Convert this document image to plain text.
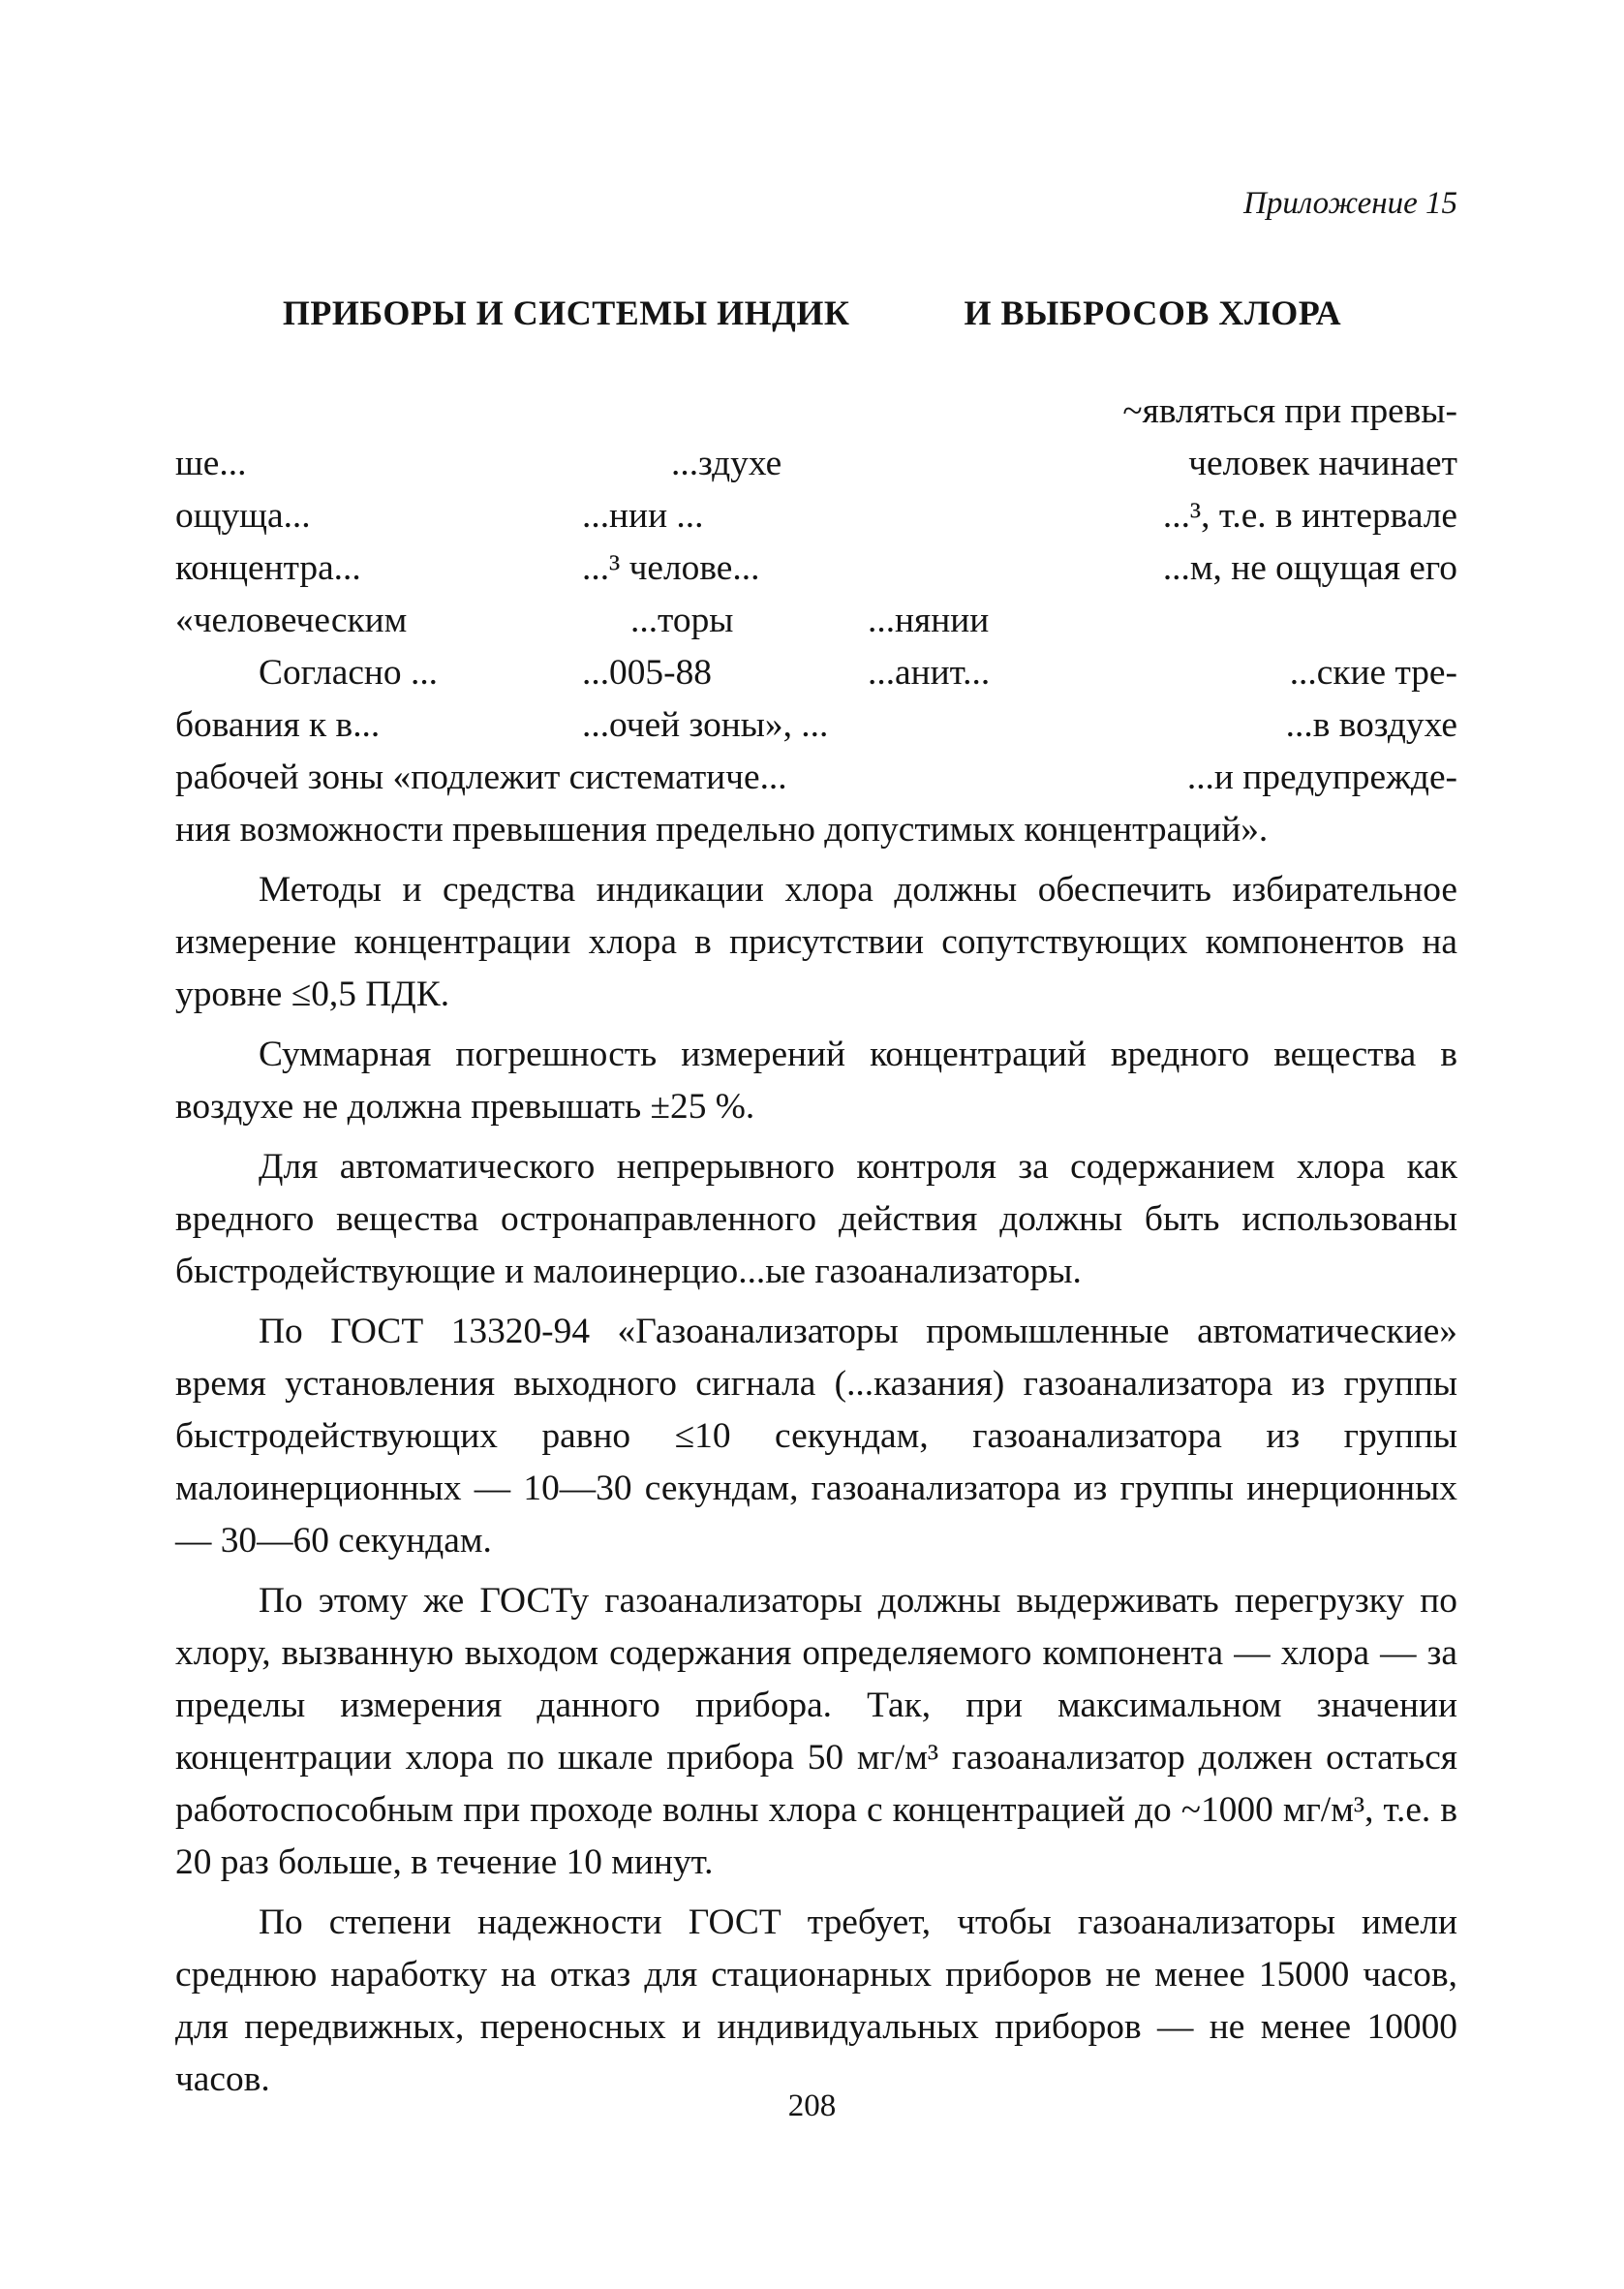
Приложение 15
ПРИБОРЫ И СИСТЕМЫ ИНДИК	И ВЫБРОСОВ ХЛОРА
~являться при превы-
ше...	...здухе	человек начинает
ощуща...	...нии ...	...³, т.е. в интервале
концентра...	...³ челове...	...м, не ощущая его
«человеческим	...торы	...нянии
Согласно ...	...005-88	...анит...	...ские тре-
бования к в...	...очей зоны», ...	...в воздухе
рабочей зоны «подлежит систематиче...	...и предупрежде-

ния возможности превышения предельно допустимых концентраций».

Методы и средства индикации хлора должны обеспечить избирательное измерение концентрации хлора в присутствии сопутствующих компонентов на уровне ≤0,5 ПДК.

Суммарная погрешность измерений концентраций вредного вещества в воздухе не должна превышать ±25 %.

Для автоматического непрерывного контроля за содержанием хлора как вредного вещества остронаправленного действия должны быть использованы быстродействующие и малоинерцио...ые газоанализаторы.

По ГОСТ 13320-94 «Газоанализаторы промышленные автоматические» время установления выходного сигнала (...казания) газоанализатора из группы быстродействующих равно ≤10 секундам, газоанализатора из группы малоинерционных — 10—30 секундам, газоанализатора из группы инерционных — 30—60 секундам.

По этому же ГОСТу газоанализаторы должны выдерживать перегрузку по хлору, вызванную выходом содержания определяемого компонента — хлора — за пределы измерения данного прибора. Так, при максимальном значении концентрации хлора по шкале прибора 50 мг/м³ газоанализатор должен остаться работоспособным при проходе волны хлора с концентрацией до ~1000 мг/м³, т.е. в 20 раз больше, в течение 10 минут.

По степени надежности ГОСТ требует, чтобы газоанализаторы имели среднюю наработку на отказ для стационарных приборов не менее 15000 часов, для передвижных, переносных и индивидуальных приборов — не менее 10000 часов.

208
